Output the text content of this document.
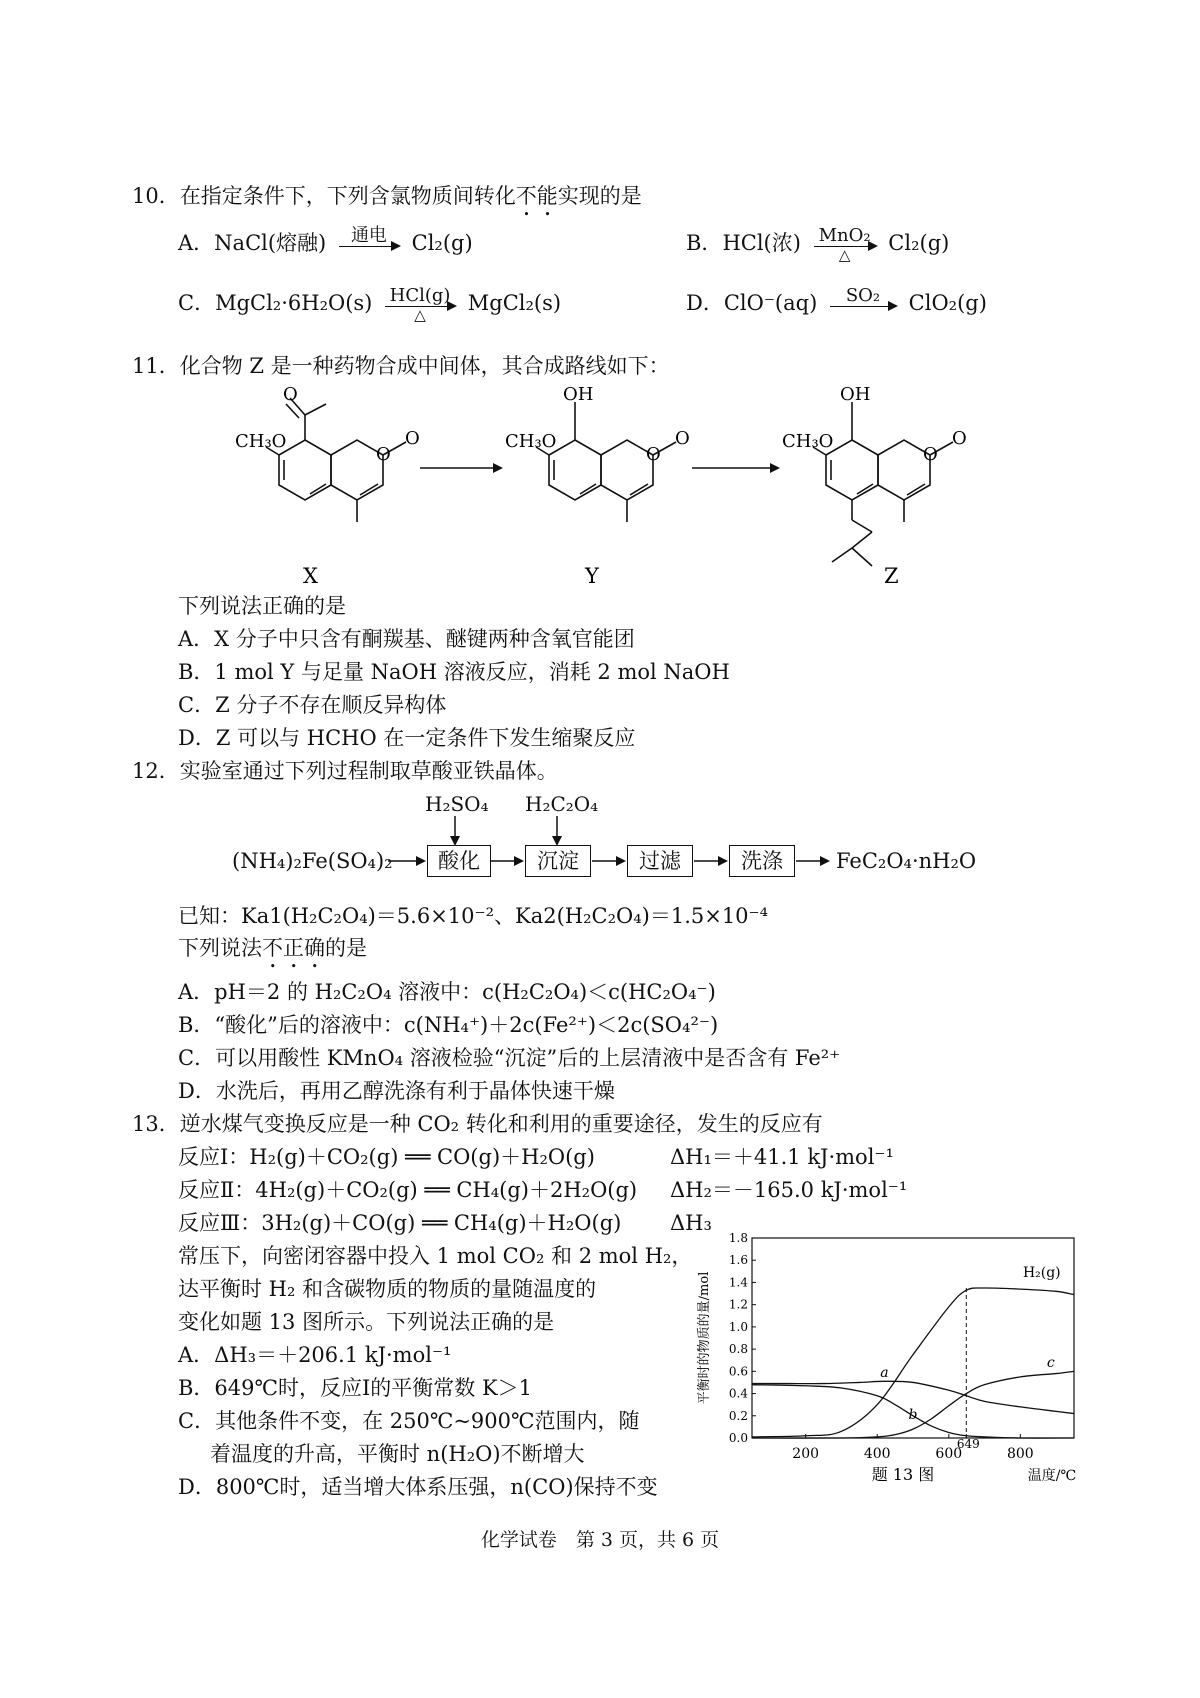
10．在指定条件下，下列含氯物质间转化不能实现的是
A．NaCl(熔融)	通电
	Cl₂(g)	B．HCl(浓) MnO₂
△	Cl₂(g)
C．MgCl₂·6H₂O(s) HCl(g)
△	MgCl₂(s)	D．ClO⁻(aq)	SO₂
	ClO₂(g)
11．化合物 Z 是一种药物合成中间体，其合成路线如下：
CH₃O
O
O
O
OH
CH₃O
O
O
OH
CH₃O
O
O
X	Y	Z
下列说法正确的是
A．X 分子中只含有酮羰基、醚键两种含氧官能团
B．1 mol Y 与足量 NaOH 溶液反应，消耗 2 mol NaOH
C．Z 分子不存在顺反异构体
D．Z 可以与 HCHO 在一定条件下发生缩聚反应
12．实验室通过下列过程制取草酸亚铁晶体。
H₂SO₄ H₂C₂O₄
(NH₄)₂Fe(SO₄)₂	酸化	沉淀	过滤	洗涤	FeC₂O₄·nH₂O
已知：Ka1(H₂C₂O₄)＝5.6×10⁻²、Ka2(H₂C₂O₄)＝1.5×10⁻⁴
下列说法不正确的是
A．pH＝2 的 H₂C₂O₄ 溶液中：c(H₂C₂O₄)＜c(HC₂O₄⁻)
B．“酸化”后的溶液中：c(NH₄⁺)＋2c(Fe²⁺)＜2c(SO₄²⁻)
C．可以用酸性 KMnO₄ 溶液检验“沉淀”后的上层清液中是否含有 Fe²⁺
D．水洗后，再用乙醇洗涤有利于晶体快速干燥
13．逆水煤气变换反应是一种 CO₂ 转化和利用的重要途径，发生的反应有
反应Ⅰ：H₂(g)＋CO₂(g) ══ CO(g)＋H₂O(g)	ΔH₁＝＋41.1 kJ·mol⁻¹
反应Ⅱ：4H₂(g)＋CO₂(g) ══ CH₄(g)＋2H₂O(g) ΔH₂＝－165.0 kJ·mol⁻¹
反应Ⅲ：3H₂(g)＋CO(g) ══ CH₄(g)＋H₂O(g) ΔH₃
常压下，向密闭容器中投入 1 mol CO₂ 和 2 mol H₂，
达平衡时 H₂ 和含碳物质的物质的量随温度的
变化如题 13 图所示。下列说法正确的是
A．ΔH₃＝＋206.1 kJ·mol⁻¹
B．649℃时，反应Ⅰ的平衡常数 K＞1
C．其他条件不变，在 250℃~900℃范围内，随
着温度的升高，平衡时 n(H₂O)不断增大
D．800℃时，适当增大体系压强，n(CO)保持不变
0.0
0.2
0.4
0.6
0.8
1.0
1.2
1.4
1.6
1.8
200	400	600
649
800
H₂(g)
a
b
c
平衡时的物质的量/mol
温度/℃
题 13 图
化学试卷　第 3 页，共 6 页
